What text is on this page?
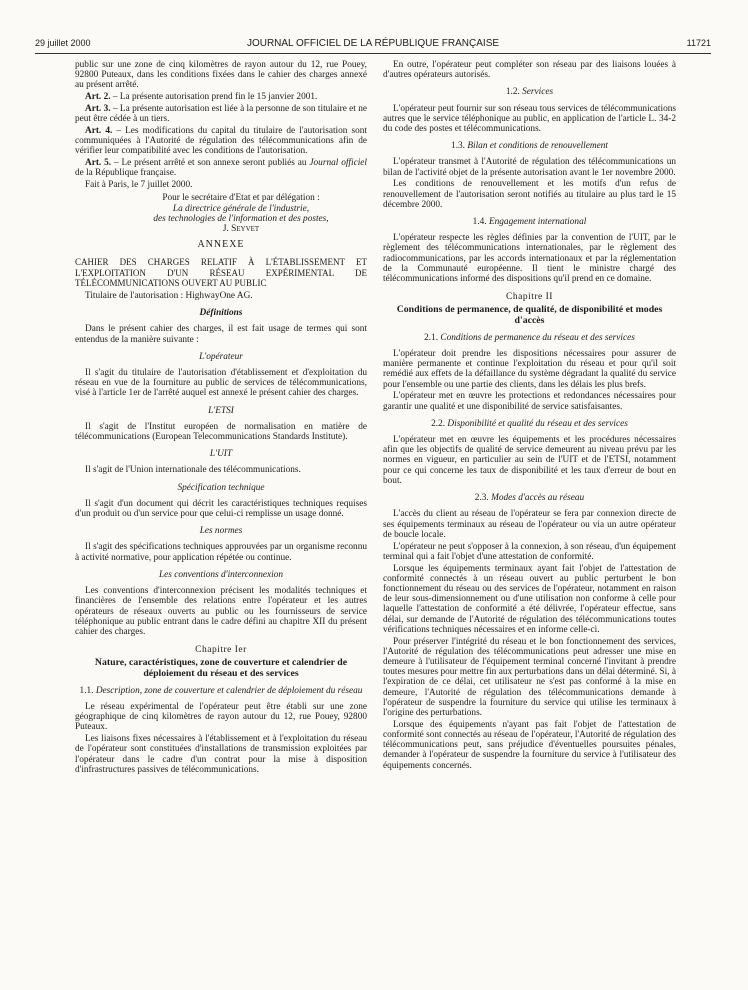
29 juillet 2000	JOURNAL OFFICIEL DE LA RÉPUBLIQUE FRANÇAISE	11721

public sur une zone de cinq kilomètres de rayon autour du 12, rue Pouey, 92800 Puteaux, dans les conditions fixées dans le cahier des charges annexé au présent arrêté.

Art. 2. – La présente autorisation prend fin le 15 janvier 2001.

Art. 3. – La présente autorisation est liée à la personne de son titulaire et ne peut être cédée à un tiers.

Art. 4. – Les modifications du capital du titulaire de l'autorisation sont communiquées à l'Autorité de régulation des télécommunications afin de vérifier leur compatibilité avec les conditions de l'autorisation.

Art. 5. – Le présent arrêté et son annexe seront publiés au Journal officiel de la République française.

Fait à Paris, le 7 juillet 2000.

Pour le secrétaire d'Etat et par délégation :
La directrice générale de l'industrie,
des technologies de l'information et des postes,
J. Seyvet
ANNEXE
CAHIER DES CHARGES RELATIF À L'ÉTABLISSEMENT ET L'EXPLOITATION D'UN RÉSEAU EXPÉRIMENTAL DE TÉLÉCOMMUNICATIONS OUVERT AU PUBLIC

Titulaire de l'autorisation : HighwayOne AG.

Définitions

Dans le présent cahier des charges, il est fait usage de termes qui sont entendus de la manière suivante :

L'opérateur

Il s'agit du titulaire de l'autorisation d'établissement et d'exploitation du réseau en vue de la fourniture au public de services de télécommunications, visé à l'article 1er de l'arrêté auquel est annexé le présent cahier des charges.

L'ETSI

Il s'agit de l'Institut européen de normalisation en matière de télécommunications (European Telecommunications Standards Institute).

L'UIT

Il s'agit de l'Union internationale des télécommunications.

Spécification technique

Il s'agit d'un document qui décrit les caractéristiques techniques requises d'un produit ou d'un service pour que celui-ci remplisse un usage donné.

Les normes

Il s'agit des spécifications techniques approuvées par un organisme reconnu à activité normative, pour application répétée ou continue.

Les conventions d'interconnexion

Les conventions d'interconnexion précisent les modalités techniques et financières de l'ensemble des relations entre l'opérateur et les autres opérateurs de réseaux ouverts au public ou les fournisseurs de service téléphonique au public entrant dans le cadre défini au chapitre XII du présent cahier des charges.

Chapitre Ier
Nature, caractéristiques, zone de couverture et calendrier de déploiement du réseau et des services
1.1. Description, zone de couverture et calendrier de déploiement du réseau

Le réseau expérimental de l'opérateur peut être établi sur une zone géographique de cinq kilomètres de rayon autour du 12, rue Pouey, 92800 Puteaux.

Les liaisons fixes nécessaires à l'établissement et à l'exploitation du réseau de l'opérateur sont constituées d'installations de transmission exploitées par l'opérateur dans le cadre d'un contrat pour la mise à disposition d'infrastructures passives de télécommunications.

En outre, l'opérateur peut compléter son réseau par des liaisons louées à d'autres opérateurs autorisés.

1.2. Services

L'opérateur peut fournir sur son réseau tous services de télécommunications autres que le service téléphonique au public, en application de l'article L. 34-2 du code des postes et télécommunications.

1.3. Bilan et conditions de renouvellement

L'opérateur transmet à l'Autorité de régulation des télécommunications un bilan de l'activité objet de la présente autorisation avant le 1er novembre 2000.

Les conditions de renouvellement et les motifs d'un refus de renouvellement de l'autorisation seront notifiés au titulaire au plus tard le 15 décembre 2000.

1.4. Engagement international

L'opérateur respecte les règles définies par la convention de l'UIT, par le règlement des télécommunications internationales, par le règlement des radiocommunications, par les accords internationaux et par la réglementation de la Communauté européenne. Il tient le ministre chargé des télécommunications informé des dispositions qu'il prend en ce domaine.

Chapitre II
Conditions de permanence, de qualité, de disponibilité et modes d'accès
2.1. Conditions de permanence du réseau et des services

L'opérateur doit prendre les dispositions nécessaires pour assurer de manière permanente et continue l'exploitation du réseau et pour qu'il soit remédié aux effets de la défaillance du système dégradant la qualité du service pour l'ensemble ou une partie des clients, dans les délais les plus brefs.

L'opérateur met en œuvre les protections et redondances nécessaires pour garantir une qualité et une disponibilité de service satisfaisantes.

2.2. Disponibilité et qualité du réseau et des services

L'opérateur met en œuvre les équipements et les procédures nécessaires afin que les objectifs de qualité de service demeurent au niveau prévu par les normes en vigueur, en particulier au sein de l'UIT et de l'ETSI, notamment pour ce qui concerne les taux de disponibilité et les taux d'erreur de bout en bout.

2.3. Modes d'accès au réseau

L'accès du client au réseau de l'opérateur se fera par connexion directe de ses équipements terminaux au réseau de l'opérateur ou via un autre opérateur de boucle locale.

L'opérateur ne peut s'opposer à la connexion, à son réseau, d'un équipement terminal qui a fait l'objet d'une attestation de conformité.

Lorsque les équipements terminaux ayant fait l'objet de l'attestation de conformité connectés à un réseau ouvert au public perturbent le bon fonctionnement du réseau ou des services de l'opérateur, notamment en raison de leur sous-dimensionnement ou d'une utilisation non conforme à celle pour laquelle l'attestation de conformité a été délivrée, l'opérateur effectue, sans délai, sur demande de l'Autorité de régulation des télécommunications toutes vérifications techniques nécessaires et en informe celle-ci.

Pour préserver l'intégrité du réseau et le bon fonctionnement des services, l'Autorité de régulation des télécommunications peut adresser une mise en demeure à l'utilisateur de l'équipement terminal concerné l'invitant à prendre toutes mesures pour mettre fin aux perturbations dans un délai déterminé. Si, à l'expiration de ce délai, cet utilisateur ne s'est pas conformé à la mise en demeure, l'Autorité de régulation des télécommunications demande à l'opérateur de suspendre la fourniture du service qui utilise les terminaux à l'origine des perturbations.

Lorsque des équipements n'ayant pas fait l'objet de l'attestation de conformité sont connectés au réseau de l'opérateur, l'Autorité de régulation des télécommunications peut, sans préjudice d'éventuelles poursuites pénales, demander à l'opérateur de suspendre la fourniture du service à l'utilisateur des équipements concernés.
